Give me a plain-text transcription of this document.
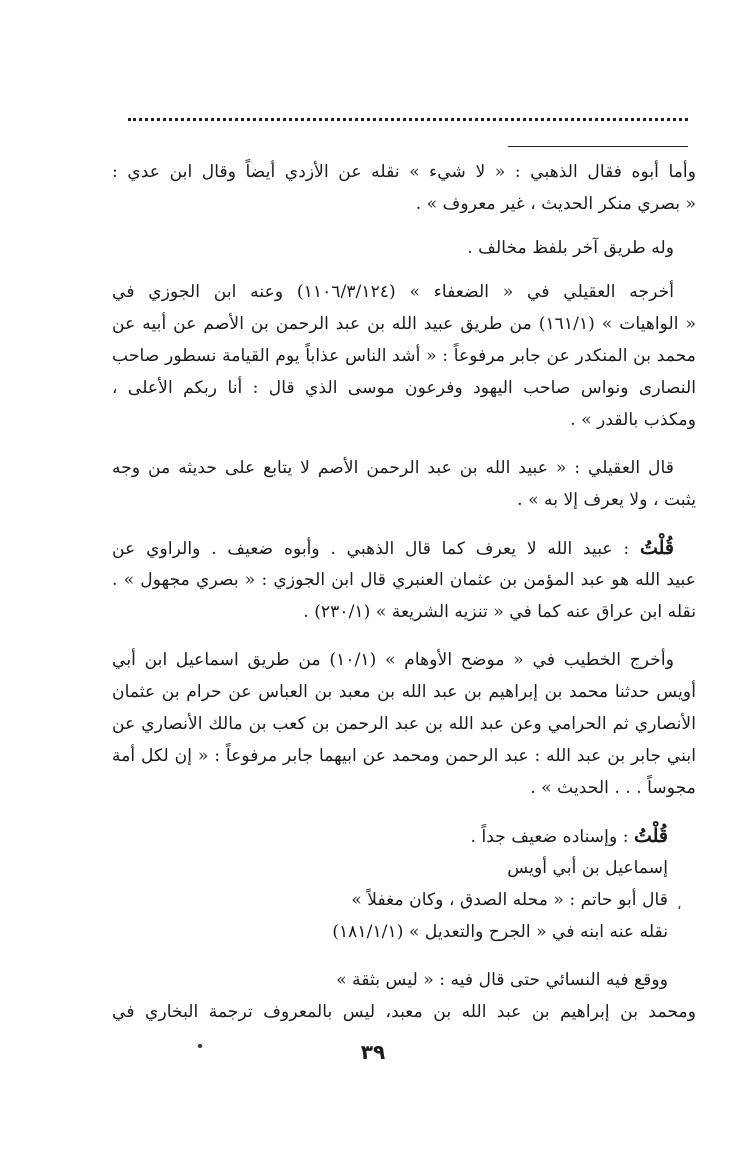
وأما أبوه فقال الذهبي : « لا شيء » نقله عن الأزدي أيضاً وقال ابن عدي :
« بصري منكر الحديث ، غير معروف » .
وله طريق آخر بلفظ مخالف .
أخرجه العقيلي في « الضعفاء » (١١٠٦/٣/١٢٤) وعنه ابن الجوزي في
« الواهيات » (١٦١/١) من طريق عبيد الله بن عبد الرحمن بن الأصم عن أبيه عن
محمد بن المنكدر عن جابر مرفوعاً : « أشد الناس عذاباً يوم القيامة نسطور صاحب
النصارى ونواس صاحب اليهود وفرعون موسى الذي قال : أنا ربكم الأعلى ،
ومكذب بالقدر » .
قال العقيلي : « عبيد الله بن عبد الرحمن الأصم لا يتابع على حديثه من وجه
يثبت ، ولا يعرف إلا به » .
قُلْتُ : عبيد الله لا يعرف كما قال الذهبي . وأبوه ضعيف . والراوي عن
عبيد الله هو عبد المؤمن بن عثمان العنبري قال ابن الجوزي : « بصري مجهول » .
نقله ابن عراق عنه كما في « تنزيه الشريعة » (٢٣٠/١) .
وأخرج الخطيب في « موضح الأوهام » (١٠/١) من طريق اسماعيل ابن أبي
أويس حدثنا محمد بن إبراهيم بن عبد الله بن معبد بن العباس عن حرام بن عثمان
الأنصاري ثم الحرامي وعن عبد الله بن عبد الرحمن بن كعب بن مالك الأنصاري عن
ابني جابر بن عبد الله : عبد الرحمن ومحمد عن ابيهما جابر مرفوعاً : « إن لكل أمة
مجوساً . . . الحديث » .
قُلْتُ : وإسناده ضعيف جداً .
إسماعيل بن أبي أويس
قال أبو حاتم : « محله الصدق ، وكان مغفلاً »
نقله عنه ابنه في « الجرح والتعديل » (١٨١/١/١)
ووقع فيه النسائي حتى قال فيه : « ليس بثقة »
ومحمد بن إبراهيم بن عبد الله بن معبد، ليس بالمعروف ترجمة البخاري في
،
٣٩
